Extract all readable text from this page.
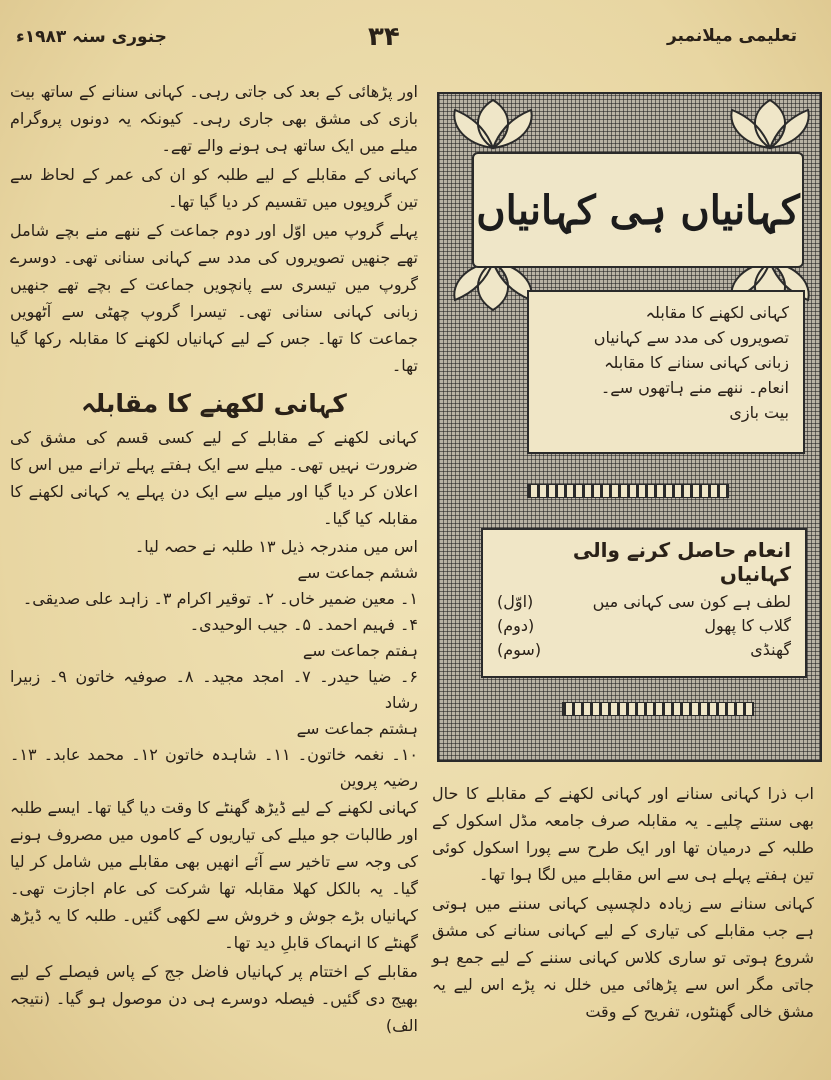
جنوری سنہ ۱۹۸۳ء	۳۴	تعلیمی میلانمبر

اور پڑھائی کے بعد کی جاتی رہی۔ کہانی سنانے کے ساتھ بیت بازی کی مشق بھی جاری رہی۔ کیونکہ یہ دونوں پروگرام میلے میں ایک ساتھ ہی ہونے والے تھے۔

کہانی کے مقابلے کے لیے طلبہ کو ان کی عمر کے لحاظ سے تین گروپوں میں تقسیم کر دیا گیا تھا۔

پہلے گروپ میں اوّل اور دوم جماعت کے ننھے منے بچے شامل تھے جنھیں تصویروں کی مدد سے کہانی سنانی تھی۔ دوسرے گروپ میں تیسری سے پانچویں جماعت کے بچے تھے جنھیں زبانی کہانی سنانی تھی۔ تیسرا گروپ چھٹی سے آٹھویں جماعت کا تھا۔ جس کے لیے کہانیاں لکھنے کا مقابلہ رکھا گیا تھا۔

کہانی لکھنے کا مقابلہ

کہانی لکھنے کے مقابلے کے لیے کسی قسم کی مشق کی ضرورت نہیں تھی۔ میلے سے ایک ہفتے پہلے ترانے میں اس کا اعلان کر دیا گیا اور میلے سے ایک دن پہلے یہ کہانی لکھنے کا مقابلہ کیا گیا۔

اس میں مندرجہ ذیل ۱۳ طلبہ نے حصہ لیا۔

ششم جماعت سے

۱۔ معین ضمیر خاں۔ ۲۔ توقیر اکرام ۳۔ زاہد علی صدیقی۔

۴۔ فہیم احمد۔ ۵۔ جیب الوحیدی۔

ہفتم جماعت سے

۶۔ ضیا حیدر۔ ۷۔ امجد مجید۔ ۸۔ صوفیہ خاتون ۹۔ زبیرا رشاد

ہشتم جماعت سے

۱۰۔ نغمہ خاتون۔ ۱۱۔ شاہدہ خاتون ۱۲۔ محمد عابد۔ ۱۳۔ رضیہ پروین

کہانی لکھنے کے لیے ڈیڑھ گھنٹے کا وقت دیا گیا تھا۔ ایسے طلبہ اور طالبات جو میلے کی تیاریوں کے کاموں میں مصروف ہونے کی وجہ سے تاخیر سے آئے انھیں بھی مقابلے میں شامل کر لیا گیا۔ یہ بالکل کھلا مقابلہ تھا شرکت کی عام اجازت تھی۔ کہانیاں بڑے جوش و خروش سے لکھی گئیں۔ طلبہ کا یہ ڈیڑھ گھنٹے کا انہماک قابلِ دید تھا۔

مقابلے کے اختتام پر کہانیاں فاضل جج کے پاس فیصلے کے لیے بھیج دی گئیں۔ فیصلہ دوسرے ہی دن موصول ہو گیا۔ (نتیجہ الف)

کہانیاں ہی کہانیاں

کہانی لکھنے کا مقابلہ

تصویروں کی مدد سے کہانیاں

زبانی کہانی سنانے کا مقابلہ

انعام۔ ننھے منے ہاتھوں سے۔

بیت بازی

انعام حاصل کرنے والی کہانیاں

لطف ہے کون سی کہانی میں
(اوّل)
گلاب کا پھول
(دوم)
گھنڈی
(سوم)

اب ذرا کہانی سنانے اور کہانی لکھنے کے مقابلے کا حال بھی سنتے چلیے۔ یہ مقابلہ صرف جامعہ مڈل اسکول کے طلبہ کے درمیان تھا اور ایک طرح سے پورا اسکول کوئی تین ہفتے پہلے ہی سے اس مقابلے میں لگا ہوا تھا۔

کہانی سنانے سے زیادہ دلچسپی کہانی سننے میں ہوتی ہے جب مقابلے کی تیاری کے لیے کہانی سنانے کی مشق شروع ہوتی تو ساری کلاس کہانی سننے کے لیے جمع ہو جاتی مگر اس سے پڑھائی میں خلل نہ پڑے اس لیے یہ مشق خالی گھنٹوں، تفریح کے وقت
